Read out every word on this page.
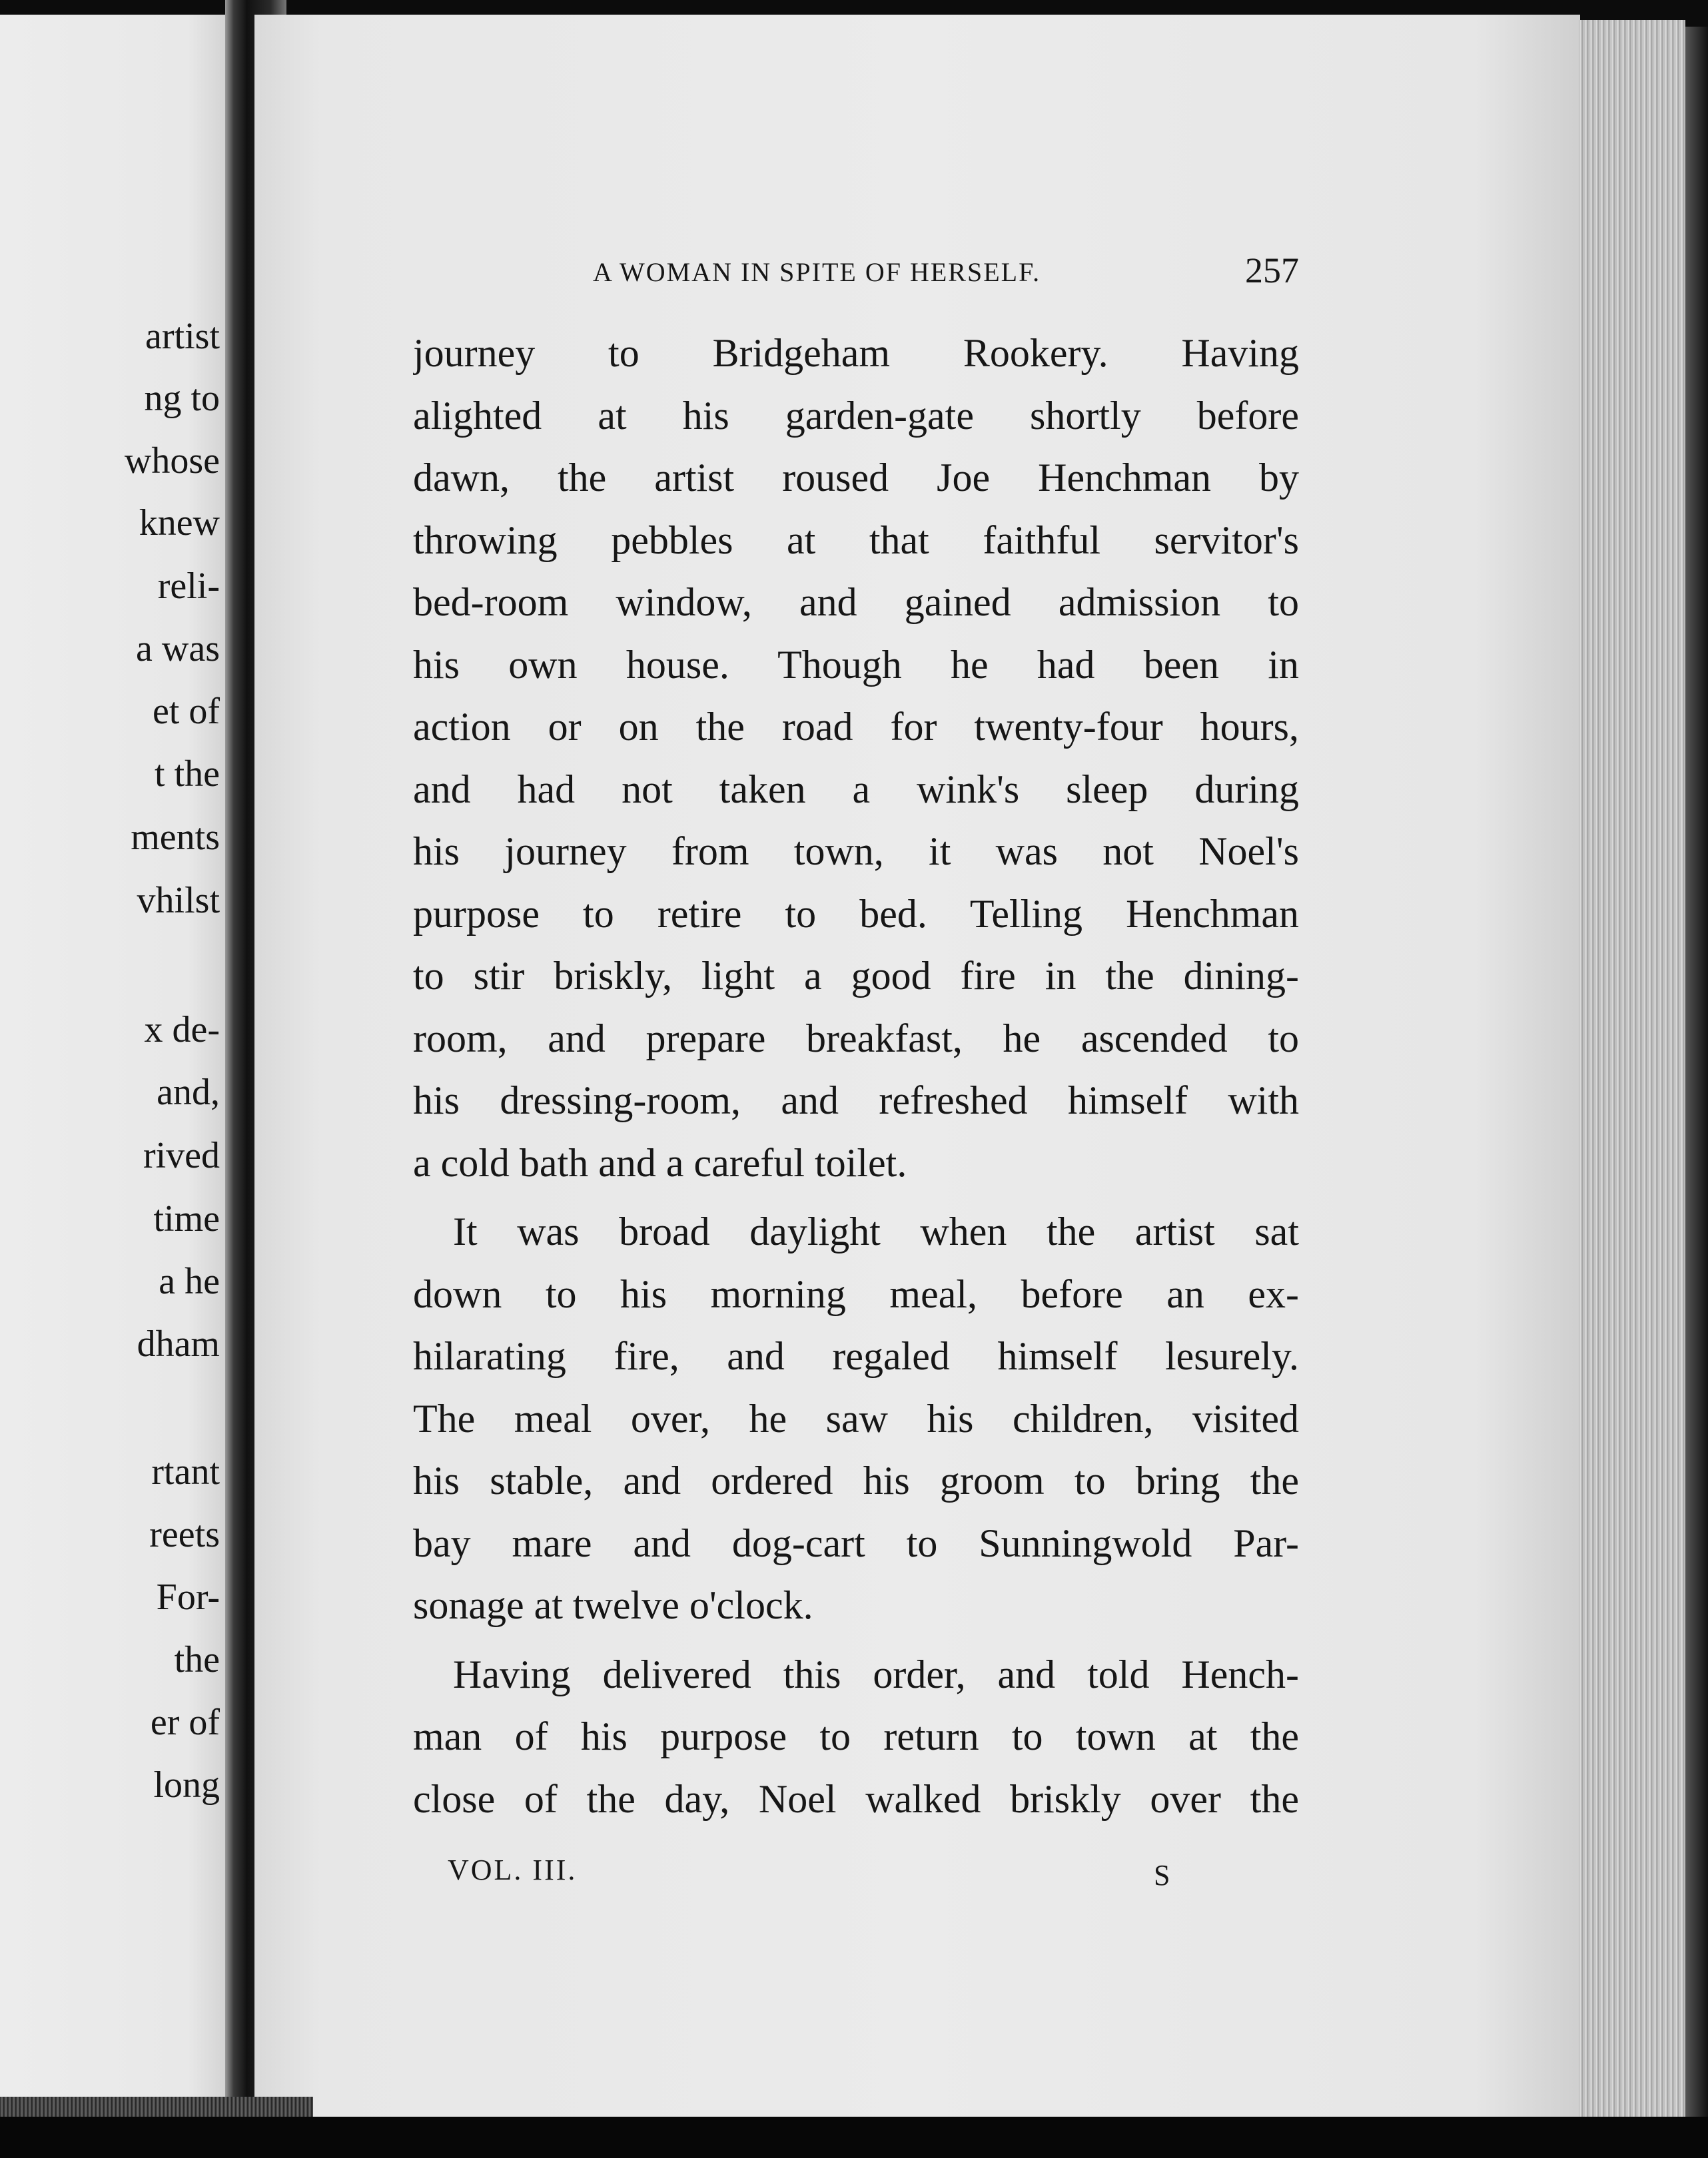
artist
ng to
whose
knew
reli-
a was
et of
t the
ments
vhilst
x de-
and,
rived
time
a he
dham
rtant
reets
For-
the
er of
long
A WOMAN IN SPITE OF HERSELF.	257
journey to Bridgeham Rookery. Having
alighted at his garden-gate shortly before
dawn, the artist roused Joe Henchman by
throwing pebbles at that faithful servitor's
bed-room window, and gained admission to
his own house. Though he had been in
action or on the road for twenty-four hours,
and had not taken a wink's sleep during
his journey from town, it was not Noel's
purpose to retire to bed. Telling Henchman
to stir briskly, light a good fire in the dining-
room, and prepare breakfast, he ascended to
his dressing-room, and refreshed himself with
a cold bath and a careful toilet.
It was broad daylight when the artist sat
down to his morning meal, before an ex-
hilarating fire, and regaled himself lesurely.
The meal over, he saw his children, visited
his stable, and ordered his groom to bring the
bay mare and dog-cart to Sunningwold Par-
sonage at twelve o'clock.
Having delivered this order, and told Hench-
man of his purpose to return to town at the
close of the day, Noel walked briskly over the
VOL. III.	S
